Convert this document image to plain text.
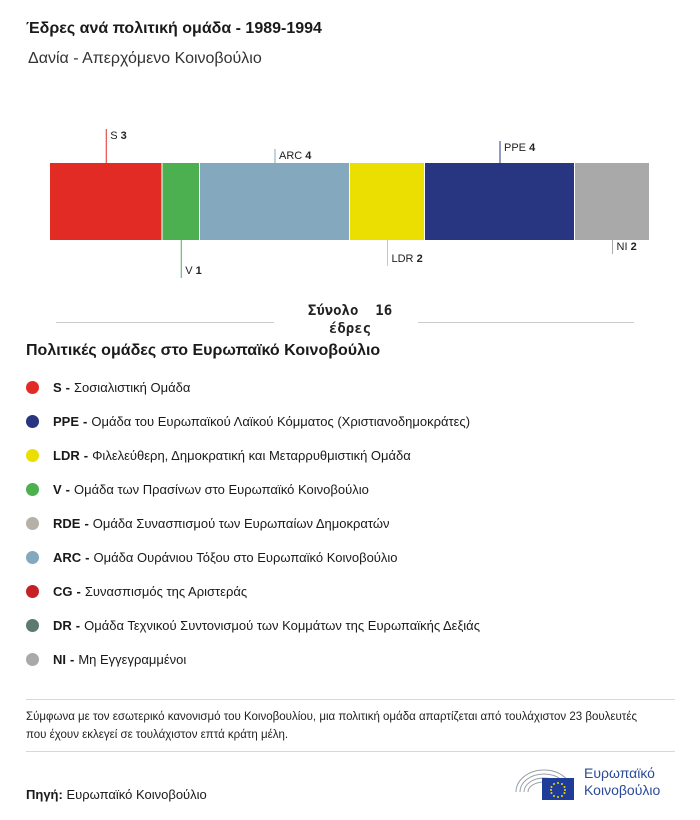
Έδρες ανά πολιτική ομάδα - 1989-1994
Δανία - Απερχόμενο Κοινοβούλιο
S 3
V 1
ARC 4
LDR 2
PPE 4
NI 2
Σύνολο  16
έδρες
Πολιτικές ομάδες στο Ευρωπαϊκό Κοινοβούλιο
S - Σοσιαλιστική Ομάδα
PPE - Ομάδα του Ευρωπαϊκού Λαϊκού Κόμματος (Χριστιανοδημοκράτες)
LDR - Φιλελεύθερη, Δημοκρατική και Μεταρρυθμιστική Ομάδα
V - Ομάδα των Πρασίνων στο Ευρωπαϊκό Κοινοβούλιο
RDE - Ομάδα Συνασπισμού των Ευρωπαίων Δημοκρατών
ARC - Ομάδα Ουράνιου Τόξου στο Ευρωπαϊκό Κοινοβούλιο
CG - Συνασπισμός της Αριστεράς
DR - Ομάδα Τεχνικού Συντονισμού των Κομμάτων της Ευρωπαϊκής Δεξιάς
NI - Μη Εγγεγραμμένοι
Σύμφωνα με τον εσωτερικό κανονισμό του Κοινοβουλίου, μια πολιτική ομάδα απαρτίζεται από τουλάχιστον 23 βουλευτές που έχουν εκλεγεί σε τουλάχιστον επτά κράτη μέλη.
Πηγή: Ευρωπαϊκό Κοινοβούλιο
Ευρωπαϊκό
Κοινοβούλιο
